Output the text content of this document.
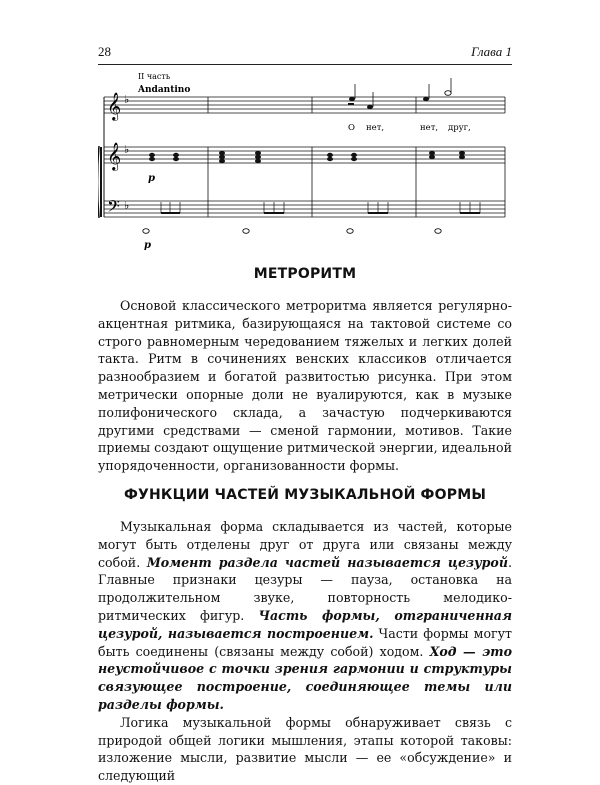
28	Глава 1
II часть
Andantino
𝄞
𝄞
𝄢
♭
♭
♭
О нет,	нет, друг,
p
p
МЕТРОРИТМ

Основой классического метроритма является регулярно-акцентная ритмика, базирующаяся на тактовой системе со строго равномерным чередованием тяжелых и легких долей такта. Ритм в сочинениях венских классиков отличается разнообразием и богатой развитостью рисунка. При этом метрически опорные доли не вуалируются, как в музыке полифонического склада, а зачастую подчеркиваются другими средствами — сменой гармонии, мотивов. Такие приемы создают ощущение ритмической энергии, идеальной упорядоченности, организованности формы.

ФУНКЦИИ ЧАСТЕЙ МУЗЫКАЛЬНОЙ ФОРМЫ

Музыкальная форма складывается из частей, которые могут быть отделены друг от друга или связаны между собой. Момент раздела частей называется цезурой. Главные признаки цезуры — пауза, остановка на продолжительном звуке, повторность мелодико-ритмических фигур. Часть формы, отграниченная цезурой, называется построением. Части формы могут быть соединены (связаны между собой) ходом. Ход — это неустойчивое с точки зрения гармонии и структуры связующее построение, соединяющее темы или разделы формы.

Логика музыкальной формы обнаруживает связь с природой общей логики мышления, этапы которой таковы: изложение мысли, развитие мысли — ее «обсуждение» и следующий
